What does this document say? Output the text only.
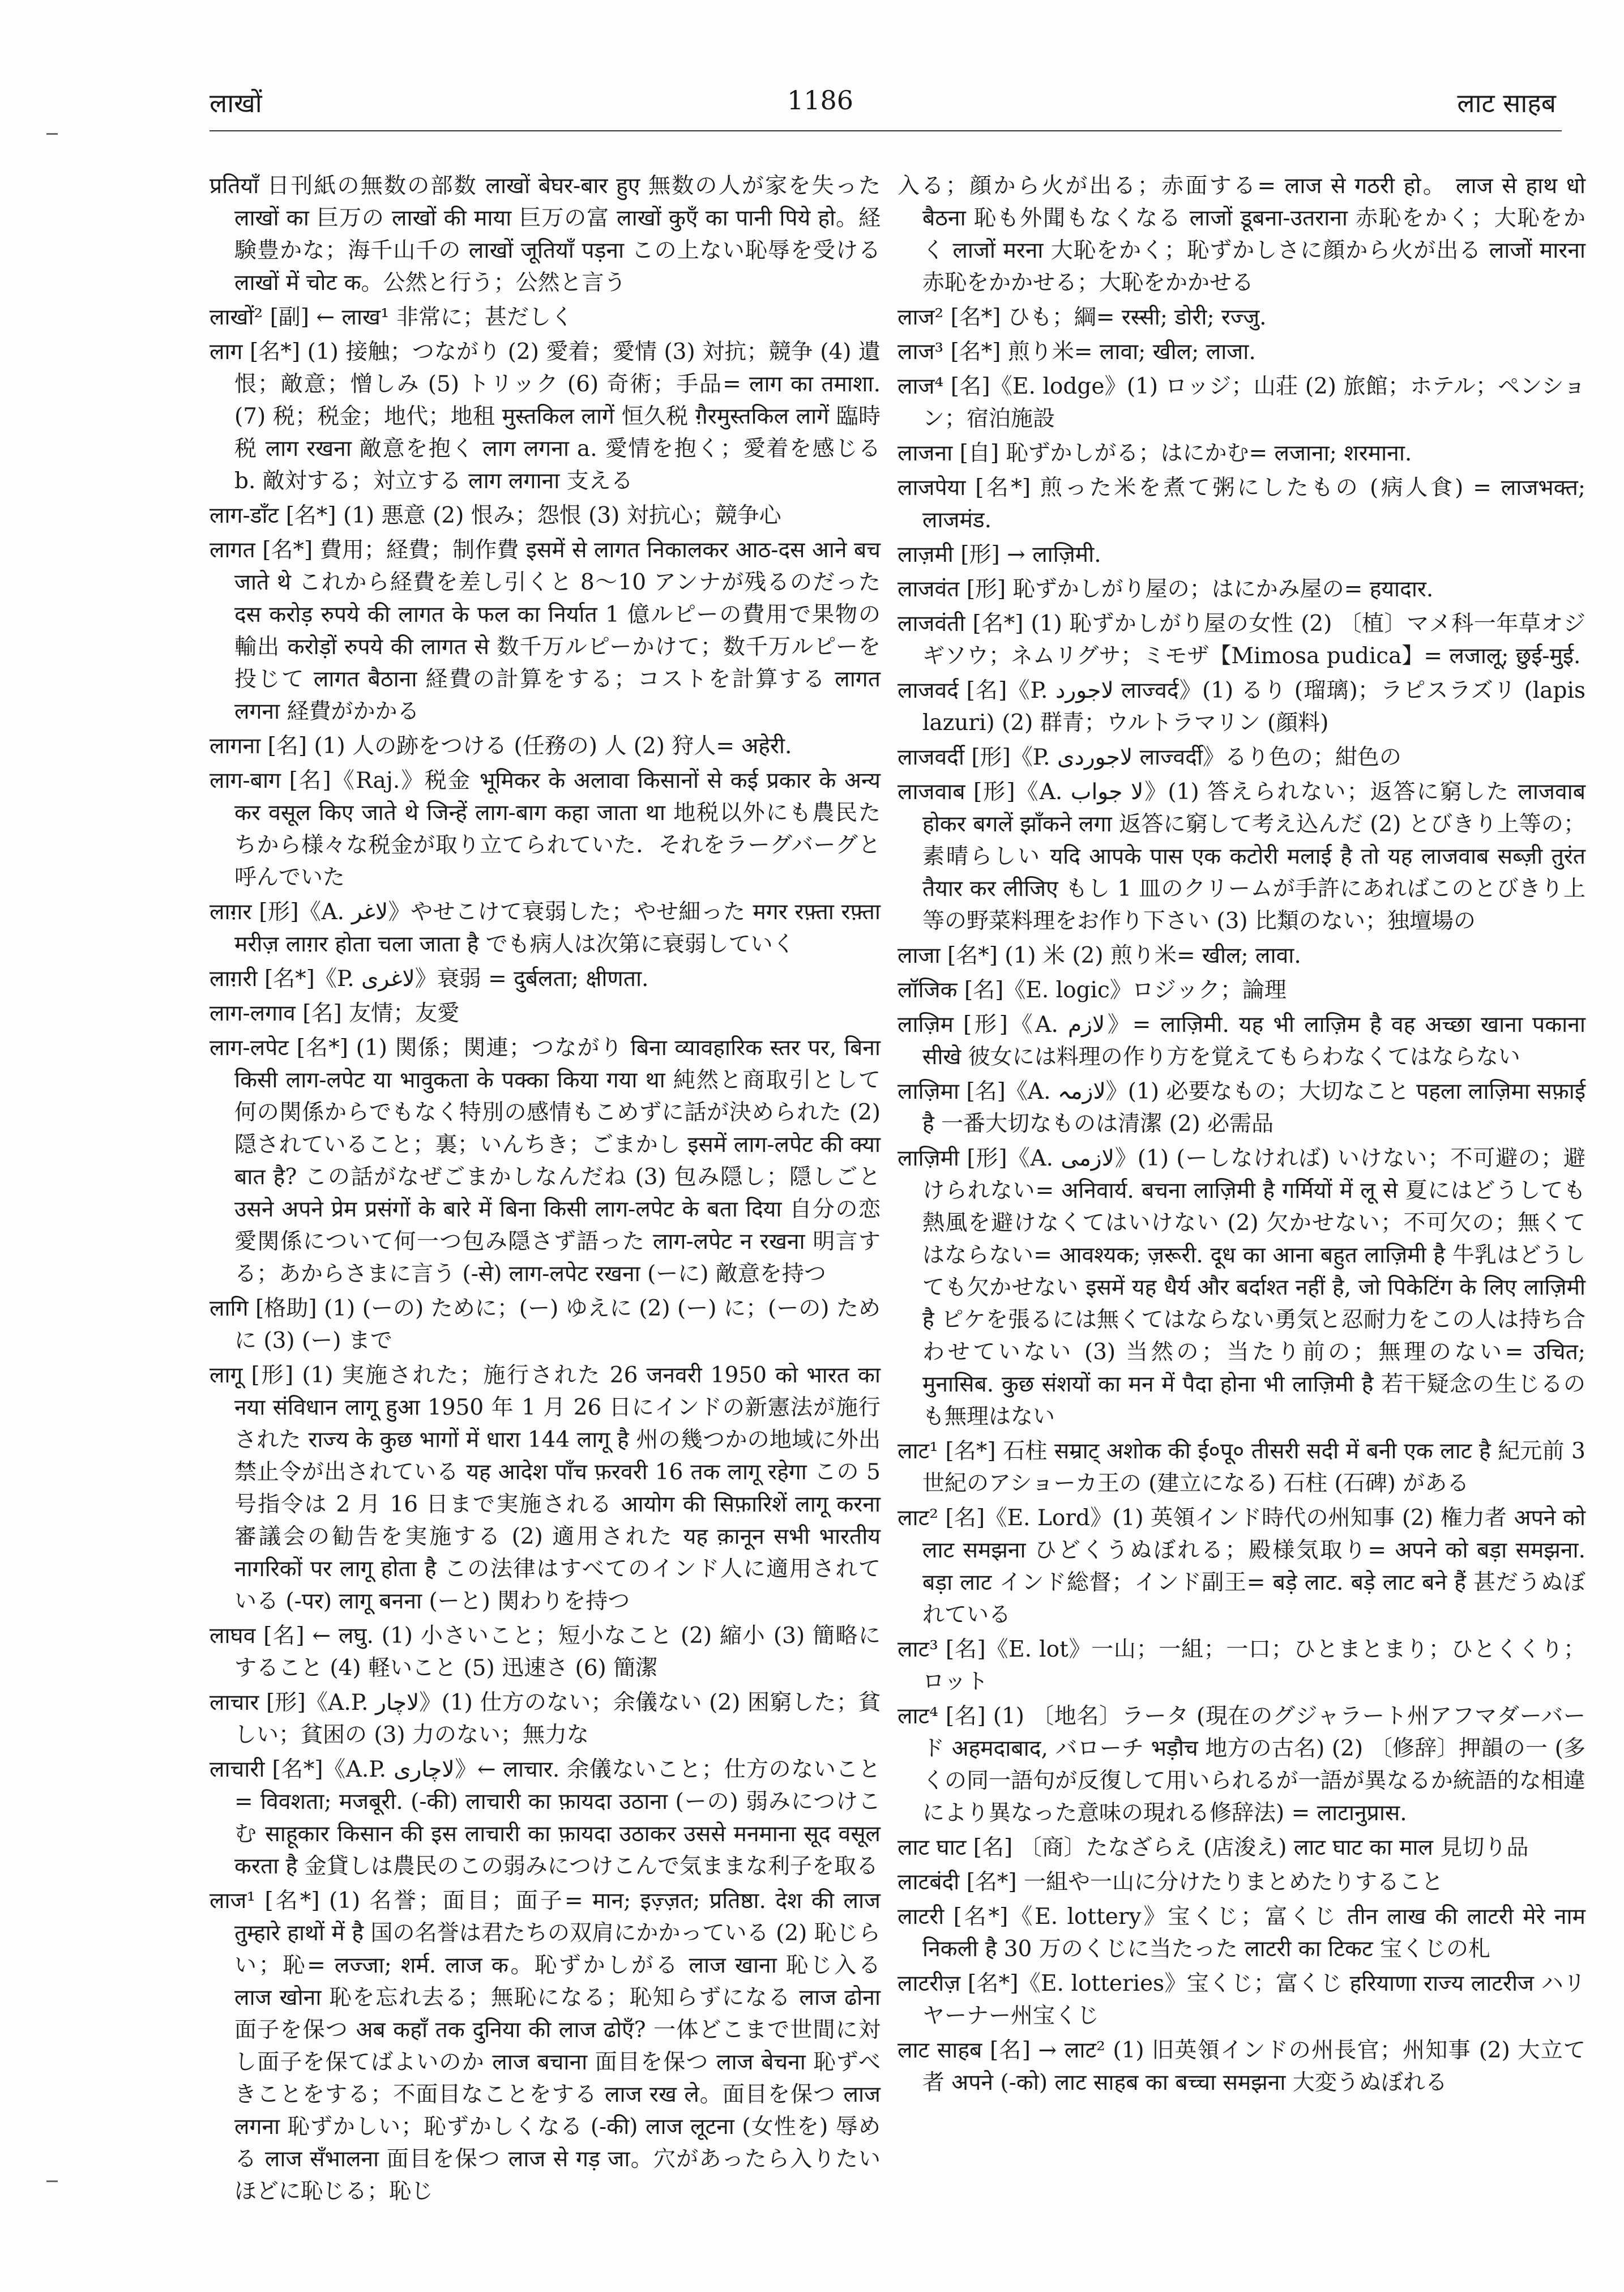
लाखों	1186	लाट साहब
प्रतियाँ 日刊紙の無数の部数 लाखों बेघर-बार हुए 無数の人が家を失った लाखों का 巨万の लाखों की माया 巨万の富 लाखों कुएँ का पानी पिये हो。経験豊かな；海千山千の लाखों जूतियाँ पड़ना この上ない恥辱を受ける लाखों में चोट क。公然と行う；公然と言う
लाखों² [副] ← लाख¹ 非常に；甚だしく
लाग [名*] (1) 接触；つながり (2) 愛着；愛情 (3) 対抗；競争 (4) 遺恨；敵意；憎しみ (5) トリック (6) 奇術；手品= लाग का तमाशा. (7) 税；税金；地代；地租 मुस्तकिल लागें 恒久税 ग़ैरमुस्तकिल लागें 臨時税 लाग रखना 敵意を抱く लाग लगना a. 愛情を抱く；愛着を感じる b. 敵対する；対立する लाग लगाना 支える
लाग-डाँट [名*] (1) 悪意 (2) 恨み；怨恨 (3) 対抗心；競争心
लागत [名*] 費用；経費；制作費 इसमें से लागत निकालकर आठ-दस आने बच जाते थे これから経費を差し引くと 8〜10 アンナが残るのだった दस करोड़ रुपये की लागत के फल का निर्यात 1 億ルピーの費用で果物の輸出 करोड़ों रुपये की लागत से 数千万ルピーかけて；数千万ルピーを投じて लागत बैठाना 経費の計算をする；コストを計算する लागत लगना 経費がかかる
लागना [名] (1) 人の跡をつける (任務の) 人 (2) 狩人= अहेरी.
लाग-बाग [名]《Raj.》税金 भूमिकर के अलावा किसानों से कई प्रकार के अन्य कर वसूल किए जाते थे जिन्हें लाग-बाग कहा जाता था 地税以外にも農民たちから様々な税金が取り立てられていた．それをラーグバーグと呼んでいた
लाग़र [形]《A. لاغر》やせこけて衰弱した；やせ細った मगर रफ़्ता रफ़्ता मरीज़ लाग़र होता चला जाता है でも病人は次第に衰弱していく
लाग़री [名*]《P. لاغری》衰弱 = दुर्बलता; क्षीणता.
लाग-लगाव [名] 友情；友愛
लाग-लपेट [名*] (1) 関係；関連；つながり बिना व्यावहारिक स्तर पर, बिना किसी लाग-लपेट या भावुकता के पक्का किया गया था 純然と商取引として何の関係からでもなく特別の感情もこめずに話が決められた (2) 隠されていること；裏；いんちき；ごまかし इसमें लाग-लपेट की क्या बात है? この話がなぜごまかしなんだね (3) 包み隠し；隠しごと उसने अपने प्रेम प्रसंगों के बारे में बिना किसी लाग-लपेट के बता दिया 自分の恋愛関係について何一つ包み隠さず語った लाग-लपेट न रखना 明言する；あからさまに言う (-से) लाग-लपेट रखना (ーに) 敵意を持つ
लागि [格助] (1) (ーの) ために；(ー) ゆえに (2) (ー) に；(ーの) ために (3) (ー) まで
लागू [形] (1) 実施された；施行された 26 जनवरी 1950 को भारत का नया संविधान लागू हुआ 1950 年 1 月 26 日にインドの新憲法が施行された राज्य के कुछ भागों में धारा 144 लागू है 州の幾つかの地域に外出禁止令が出されている यह आदेश पाँच फ़रवरी 16 तक लागू रहेगा この 5 号指令は 2 月 16 日まで実施される आयोग की सिफ़ारिशें लागू करना 審議会の勧告を実施する (2) 適用された यह क़ानून सभी भारतीय नागरिकों पर लागू होता है この法律はすべてのインド人に適用されている (-पर) लागू बनना (ーと) 関わりを持つ
लाघव [名] ← लघु. (1) 小さいこと；短小なこと (2) 縮小 (3) 簡略にすること (4) 軽いこと (5) 迅速さ (6) 簡潔
लाचार [形]《A.P. لاچار》(1) 仕方のない；余儀ない (2) 困窮した；貧しい；貧困の (3) 力のない；無力な
लाचारी [名*]《A.P. لاچاری》← लाचार. 余儀ないこと；仕方のないこと= विवशता; मजबूरी. (-की) लाचारी का फ़ायदा उठाना (ーの) 弱みにつけこむ साहूकार किसान की इस लाचारी का फ़ायदा उठाकर उससे मनमाना सूद वसूल करता है 金貸しは農民のこの弱みにつけこんで気ままな利子を取る
लाज¹ [名*] (1) 名誉；面目；面子= मान; इज़्ज़त; प्रतिष्ठा. देश की लाज तुम्हारे हाथों में है 国の名誉は君たちの双肩にかかっている (2) 恥じらい；恥= लज्जा; शर्म. लाज क。恥ずかしがる लाज खाना 恥じ入る लाज खोना 恥を忘れ去る；無恥になる；恥知らずになる लाज ढोना 面子を保つ अब कहाँ तक दुनिया की लाज ढोएँ? 一体どこまで世間に対し面子を保てばよいのか लाज बचाना 面目を保つ लाज बेचना 恥ずべきことをする；不面目なことをする लाज रख ले。面目を保つ लाज लगना 恥ずかしい；恥ずかしくなる (-की) लाज लूटना (女性を) 辱める लाज सँभालना 面目を保つ लाज से गड़ जा。穴があったら入りたいほどに恥じる；恥じ
入る；顔から火が出る；赤面する= लाज से गठरी हो。 लाज से हाथ धो बैठना 恥も外聞もなくなる लाजों डूबना-उतराना 赤恥をかく；大恥をかく लाजों मरना 大恥をかく；恥ずかしさに顔から火が出る लाजों मारना 赤恥をかかせる；大恥をかかせる
लाज² [名*] ひも；綱= रस्सी; डोरी; रज्जु.
लाज³ [名*] 煎り米= लावा; खील; लाजा.
लाज⁴ [名]《E. lodge》(1) ロッジ；山荘 (2) 旅館；ホテル；ペンション；宿泊施設
लाजना [自] 恥ずかしがる；はにかむ= लजाना; शरमाना.
लाजपेया [名*] 煎った米を煮て粥にしたもの (病人食) = लाजभक्त; लाजमंड.
लाज़मी [形] → लाज़िमी.
लाजवंत [形] 恥ずかしがり屋の；はにかみ屋の= हयादार.
लाजवंती [名*] (1) 恥ずかしがり屋の女性 (2) 〔植〕マメ科一年草オジギソウ；ネムリグサ；ミモザ【Mimosa pudica】= लजालू; छुई-मुई.
लाजवर्द [名]《P. لاجورد लाज्वर्द》(1) るり (瑠璃)；ラピスラズリ (lapis lazuri) (2) 群青；ウルトラマリン (顔料)
लाजवर्दी [形]《P. لاجوردی लाज्वर्दी》るり色の；紺色の
लाजवाब [形]《A. لا جواب》(1) 答えられない；返答に窮した लाजवाब होकर बगलें झाँकने लगा 返答に窮して考え込んだ (2) とびきり上等の；素晴らしい यदि आपके पास एक कटोरी मलाई है तो यह लाजवाब सब्ज़ी तुरंत तैयार कर लीजिए もし 1 皿のクリームが手許にあればこのとびきり上等の野菜料理をお作り下さい (3) 比類のない；独壇場の
लाजा [名*] (1) 米 (2) 煎り米= खील; लावा.
लॉजिक [名]《E. logic》ロジック；論理
लाज़िम [形]《A. لازم》= लाज़िमी. यह भी लाज़िम है वह अच्छा खाना पकाना सीखे 彼女には料理の作り方を覚えてもらわなくてはならない
लाज़िमा [名]《A. لازمہ》(1) 必要なもの；大切なこと पहला लाज़िमा सफ़ाई है 一番大切なものは清潔 (2) 必需品
लाज़िमी [形]《A. لازمی》(1) (ーしなければ) いけない；不可避の；避けられない= अनिवार्य. बचना लाज़िमी है गर्मियों में लू से 夏にはどうしても熱風を避けなくてはいけない (2) 欠かせない；不可欠の；無くてはならない= आवश्यक; ज़रूरी. दूध का आना बहुत लाज़िमी है 牛乳はどうしても欠かせない इसमें यह धैर्य और बर्दाश्त नहीं है, जो पिकेटिंग के लिए लाज़िमी है ピケを張るには無くてはならない勇気と忍耐力をこの人は持ち合わせていない (3) 当然の；当たり前の；無理のない= उचित; मुनासिब. कुछ संशयों का मन में पैदा होना भी लाज़िमी है 若干疑念の生じるのも無理はない
लाट¹ [名*] 石柱 सम्राट् अशोक की ई०पू० तीसरी सदी में बनी एक लाट है 紀元前 3 世紀のアショーカ王の (建立になる) 石柱 (石碑) がある
लाट² [名]《E. Lord》(1) 英領インド時代の州知事 (2) 権力者 अपने को लाट समझना ひどくうぬぼれる；殿様気取り= अपने को बड़ा समझना. बड़ा लाट インド総督；インド副王= बड़े लाट. बड़े लाट बने हैं 甚だうぬぼれている
लाट³ [名]《E. lot》一山；一組；一口；ひとまとまり；ひとくくり；ロット
लाट⁴ [名] (1) 〔地名〕ラータ (現在のグジャラート州アフマダーバード अहमदाबाद, バローチ भड़ौच 地方の古名) (2) 〔修辞〕押韻の一 (多くの同一語句が反復して用いられるが一語が異なるか統語的な相違により異なった意味の現れる修辞法) = लाटानुप्रास.
लाट घाट [名] 〔商〕たなざらえ (店浚え) लाट घाट का माल 見切り品
लाटबंदी [名*] 一組や一山に分けたりまとめたりすること
लाटरी [名*]《E. lottery》宝くじ；富くじ तीन लाख की लाटरी मेरे नाम निकली है 30 万のくじに当たった लाटरी का टिकट 宝くじの札
लाटरीज़ [名*]《E. lotteries》宝くじ；富くじ हरियाणा राज्य लाटरीज ハリヤーナー州宝くじ
लाट साहब [名] → लाट² (1) 旧英領インドの州長官；州知事 (2) 大立て者 अपने (-को) लाट साहब का बच्चा समझना 大変うぬぼれる
